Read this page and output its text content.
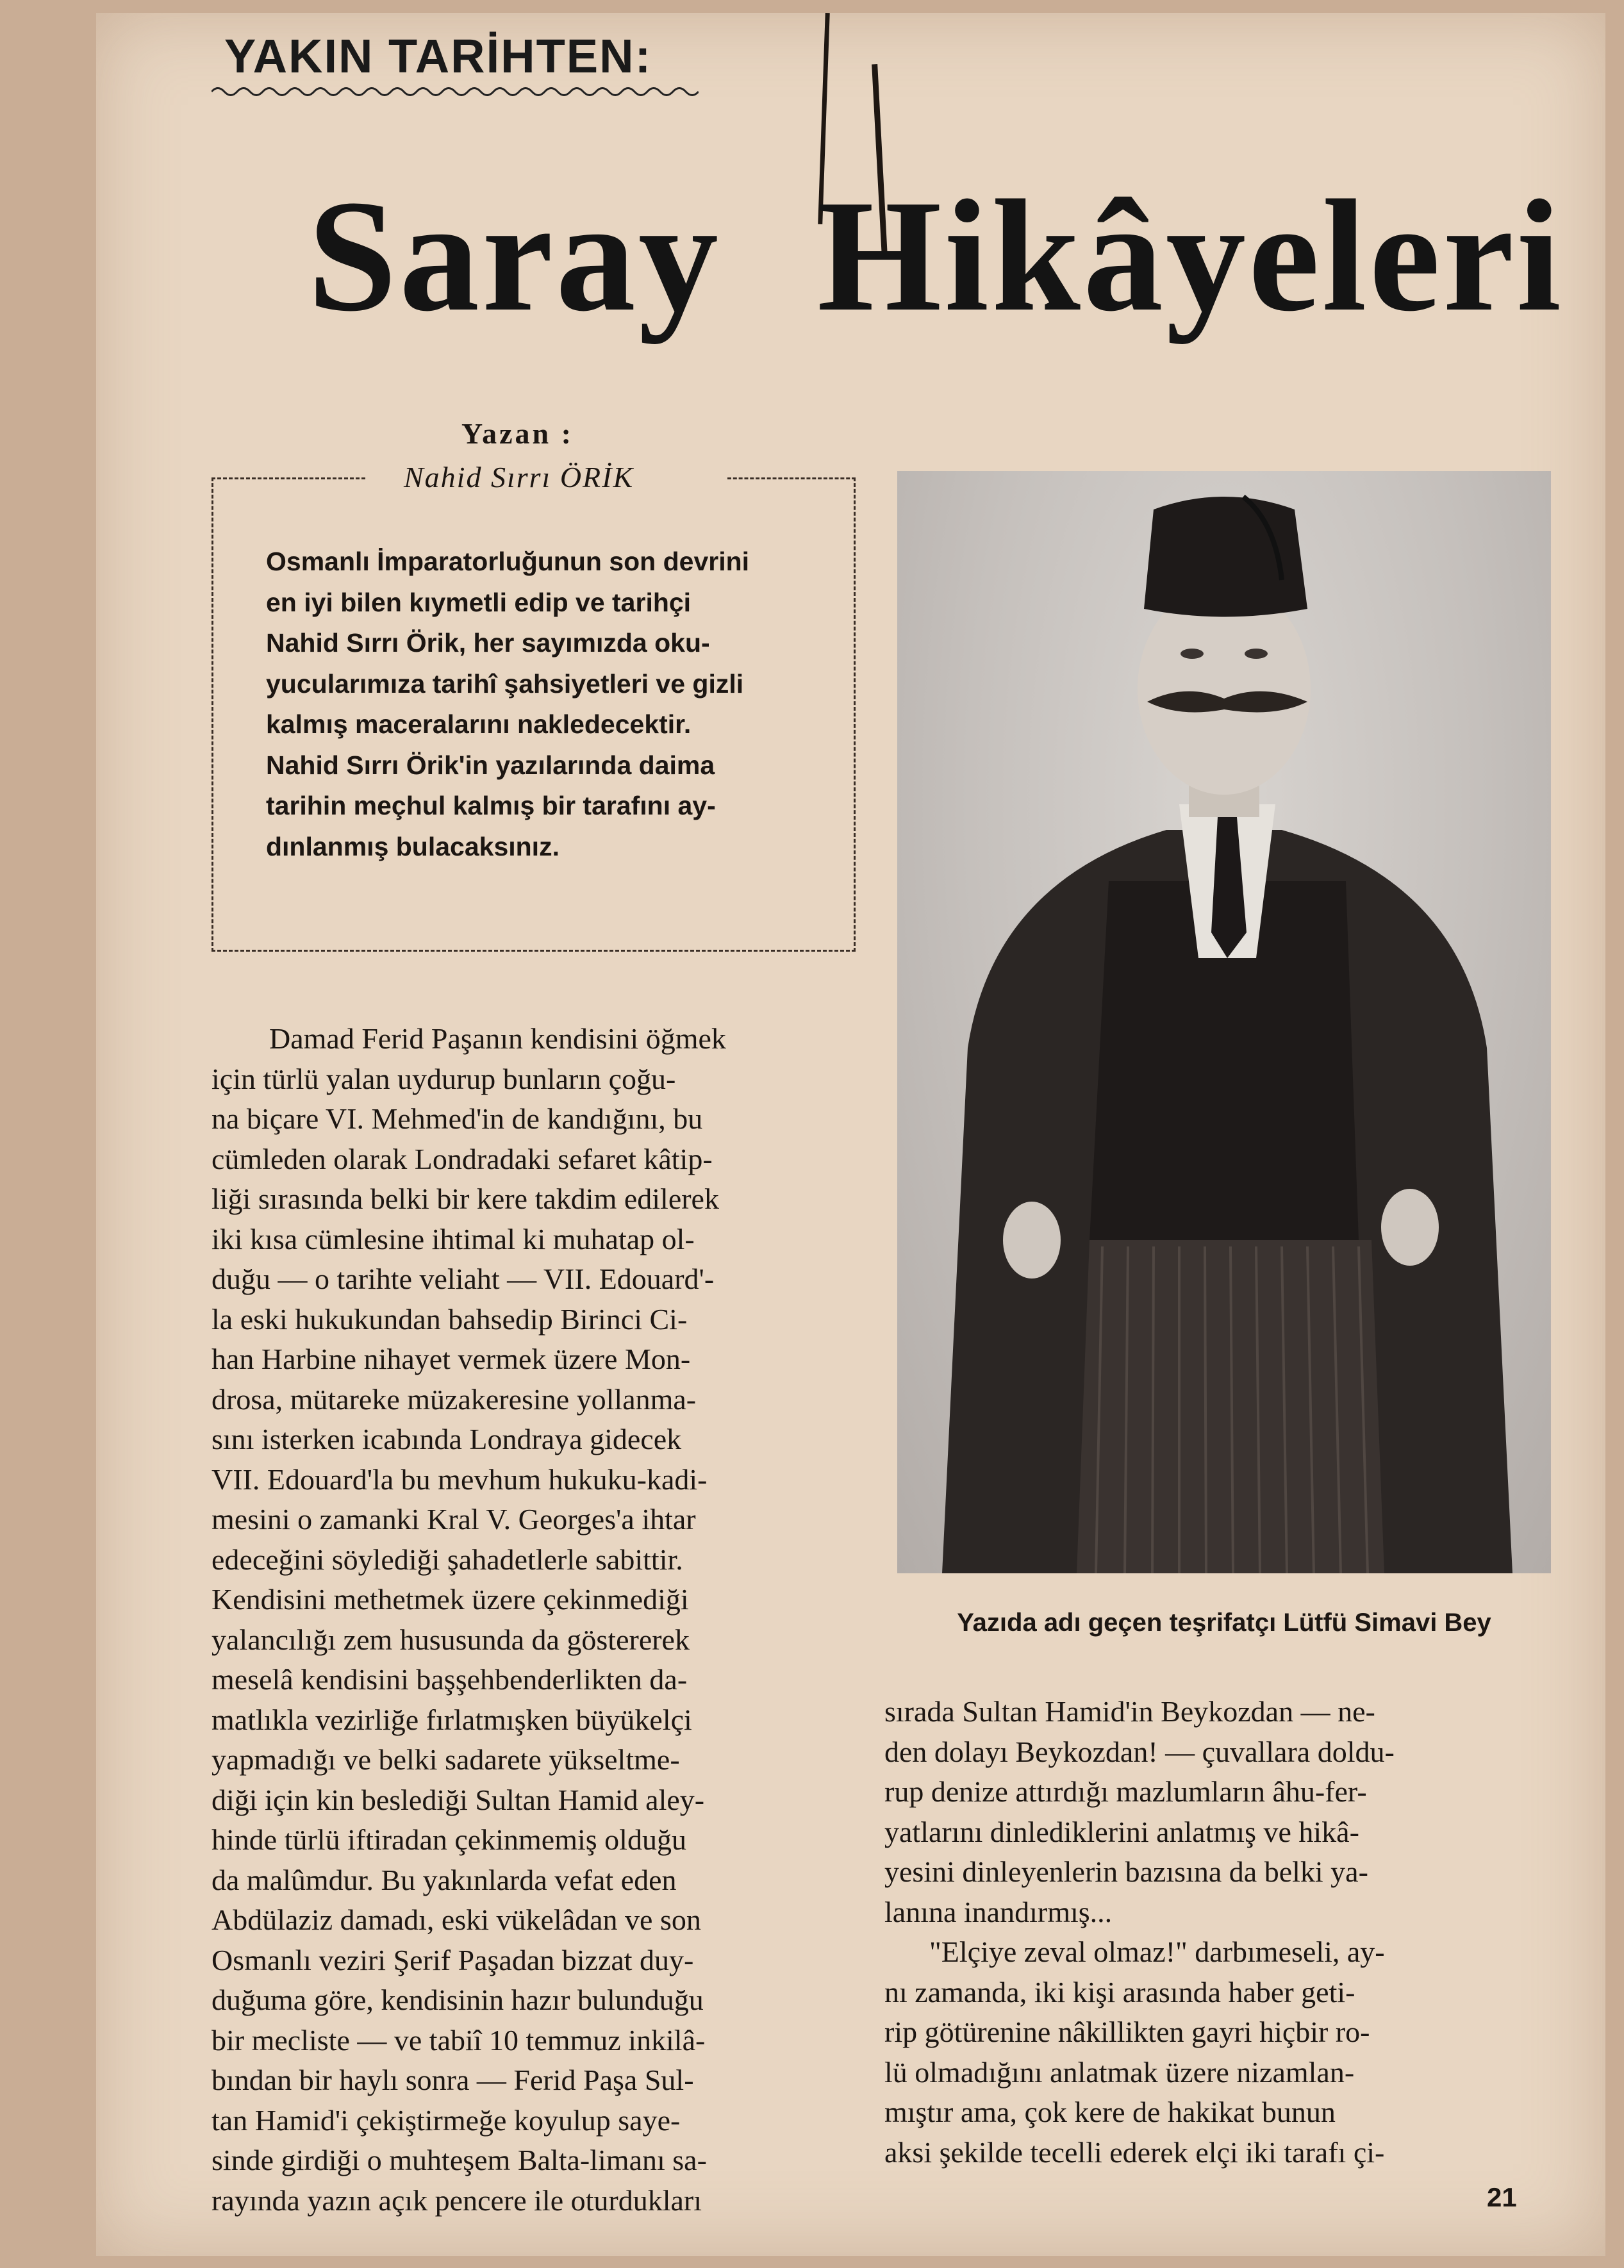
YAKIN TARİHTEN:
Saray Hikâyeleri
Yazan :
Nahid Sırrı ÖRİK
Osmanlı İmparatorluğunun son devrini
en iyi bilen kıymetli edip ve tarihçi
Nahid Sırrı Örik, her sayımızda oku-
yucularımıza tarihî şahsiyetleri ve gizli
kalmış maceralarını nakledecektir.
Nahid Sırrı Örik'in yazılarında daima
tarihin meçhul kalmış bir tarafını ay-
dınlanmış bulacaksınız.
Damad Ferid Paşanın kendisini öğmek
için türlü yalan uydurup bunların çoğu-
na biçare VI. Mehmed'in de kandığını, bu
cümleden olarak Londradaki sefaret kâtip-
liği sırasında belki bir kere takdim edilerek
iki kısa cümlesine ihtimal ki muhatap ol-
duğu — o tarihte veliaht — VII. Edouard'-
la eski hukukundan bahsedip Birinci Ci-
han Harbine nihayet vermek üzere Mon-
drosa, mütareke müzakeresine yollanma-
sını isterken icabında Londraya gidecek
VII. Edouard'la bu mevhum hukuku-kadi-
mesini o zamanki Kral V. Georges'a ihtar
edeceğini söylediği şahadetlerle sabittir.
Kendisini methetmek üzere çekinmediği
yalancılığı zem hususunda da göstererek
meselâ kendisini başşehbenderlikten da-
matlıkla vezirliğe fırlatmışken büyükelçi
yapmadığı ve belki sadarete yükseltme-
diği için kin beslediği Sultan Hamid aley-
hinde türlü iftiradan çekinmemiş olduğu
da malûmdur. Bu yakınlarda vefat eden
Abdülaziz damadı, eski vükelâdan ve son
Osmanlı veziri Şerif Paşadan bizzat duy-
duğuma göre, kendisinin hazır bulunduğu
bir mecliste — ve tabiî 10 temmuz inkilâ-
bından bir haylı sonra — Ferid Paşa Sul-
tan Hamid'i çekiştirmeğe koyulup saye-
sinde girdiği o muhteşem Balta-limanı sa-
rayında yazın açık pencere ile oturdukları
Yazıda adı geçen teşrifatçı Lütfü Simavi Bey
sırada Sultan Hamid'in Beykozdan — ne-
den dolayı Beykozdan! — çuvallara doldu-
rup denize attırdığı mazlumların âhu-fer-
yatlarını dinlediklerini anlatmış ve hikâ-
yesini dinleyenlerin bazısına da belki ya-
lanına inandırmış...
"Elçiye zeval olmaz!" darbımeseli, ay-
nı zamanda, iki kişi arasında haber geti-
rip götürenine nâkillikten gayri hiçbir ro-
lü olmadığını anlatmak üzere nizamlan-
mıştır ama, çok kere de hakikat bunun
aksi şekilde tecelli ederek elçi iki tarafı çi-
21
